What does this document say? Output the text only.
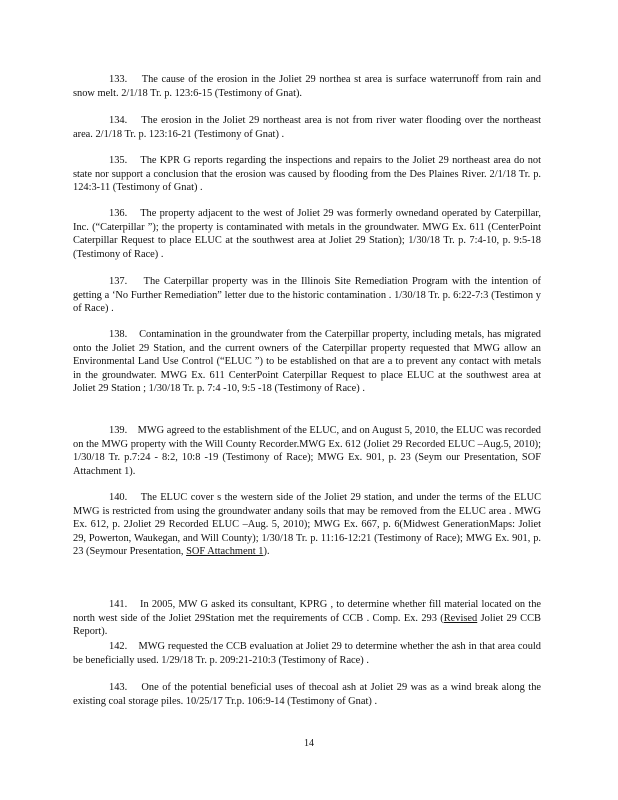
133. The cause of the erosion in the Joliet 29 northea st area is surface waterrunoff from rain and snow melt. 2/1/18 Tr. p. 123:6-15 (Testimony of Gnat).

134. The erosion in the Joliet 29 northeast area is not from river water flooding over the northeast area. 2/1/18 Tr. p. 123:16-21 (Testimony of Gnat) .

135. The KPR G reports regarding the inspections and repairs to the Joliet 29 northeast area do not state nor support a conclusion that the erosion was caused by flooding from the Des Plaines River. 2/1/18 Tr. p. 124:3-11 (Testimony of Gnat) .

136. The property adjacent to the west of Joliet 29 was formerly ownedand operated by Caterpillar, Inc. (“Caterpillar ”); the property is contaminated with metals in the groundwater. MWG Ex. 611 (CenterPoint Caterpillar Request to place ELUC at the southwest area at Joliet 29 Station); 1/30/18 Tr. p. 7:4-10, p. 9:5-18 (Testimony of Race) .

137. The Caterpillar property was in the Illinois Site Remediation Program with the intention of getting a ‘No Further Remediation” letter due to the historic contamination . 1/30/18 Tr. p. 6:22-7:3 (Testimon y of Race) .

138. Contamination in the groundwater from the Caterpillar property, including metals, has migrated onto the Joliet 29 Station, and the current owners of the Caterpillar property requested that MWG allow an Environmental Land Use Control (“ELUC ”) to be established on that are a to prevent any contact with metals in the groundwater. MWG Ex. 611 CenterPoint Caterpillar Request to place ELUC at the southwest area at Joliet 29 Station ; 1/30/18 Tr. p. 7:4 -10, 9:5 -18 (Testimony of Race) .

139. MWG agreed to the establishment of the ELUC, and on August 5, 2010, the ELUC was recorded on the MWG property with the Will County Recorder.MWG Ex. 612 (Joliet 29 Recorded ELUC –Aug.5, 2010); 1/30/18 Tr. p.7:24 - 8:2, 10:8 -19 (Testimony of Race); MWG Ex. 901, p. 23 (Seym our Presentation, SOF Attachment 1).

140. The ELUC cover s the western side of the Joliet 29 station, and under the terms of the ELUC MWG is restricted from using the groundwater andany soils that may be removed from the ELUC area . MWG Ex. 612, p. 2Joliet 29 Recorded ELUC –Aug. 5, 2010); MWG Ex. 667, p. 6(Midwest GenerationMaps: Joliet 29, Powerton, Waukegan, and Will County); 1/30/18 Tr. p. 11:16-12:21 (Testimony of Race); MWG Ex. 901, p. 23 (Seymour Presentation, SOF Attachment 1).

141. In 2005, MW G asked its consultant, KPRG , to determine whether fill material located on the north west side of the Joliet 29Station met the requirements of CCB . Comp. Ex. 293 (Revised Joliet 29 CCB Report).

142. MWG requested the CCB evaluation at Joliet 29 to determine whether the ash in that area could be beneficially used. 1/29/18 Tr. p. 209:21-210:3 (Testimony of Race) .

143. One of the potential beneficial uses of thecoal ash at Joliet 29 was as a wind break along the existing coal storage piles. 10/25/17 Tr.p. 106:9-14 (Testimony of Gnat) .

14
